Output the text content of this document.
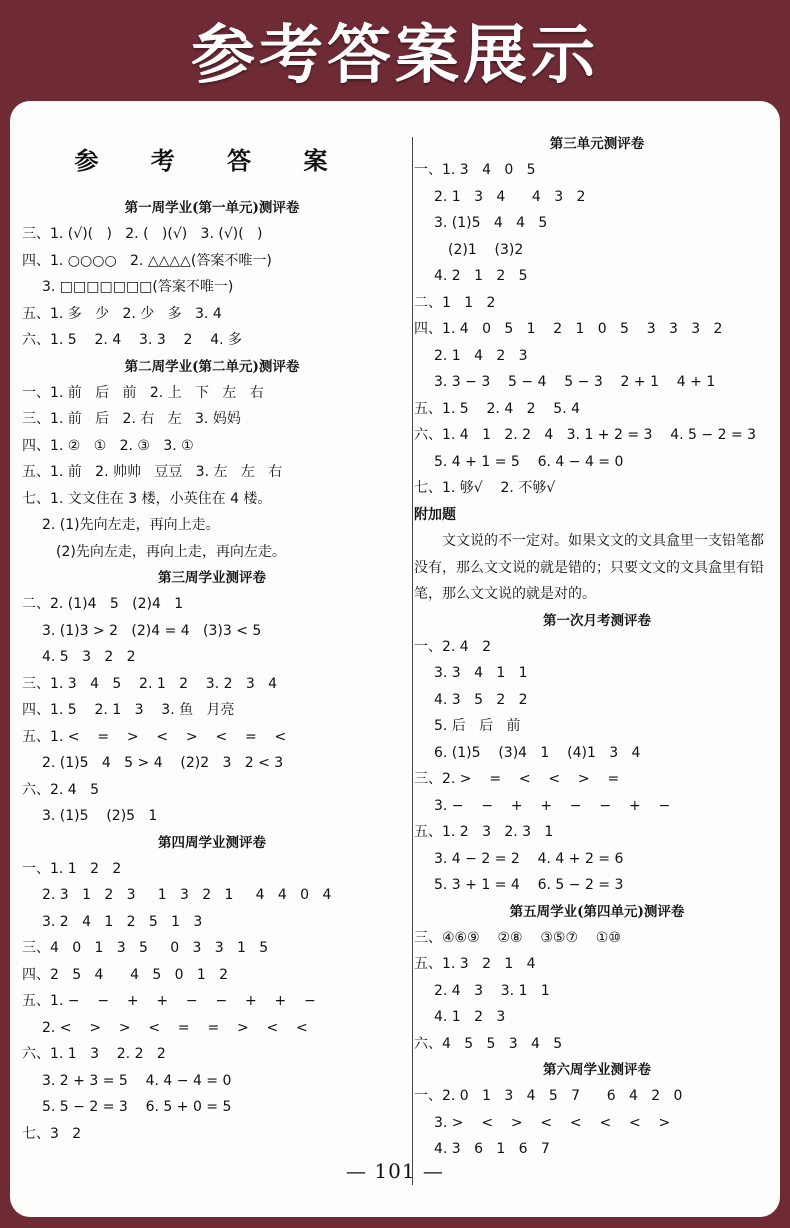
参考答案展示
参 考 答 案
第一周学业(第一单元)测评卷
三、1. (√)(   )   2. (   )(√)   3. (√)(   )
四、1. ○○○○   2. △△△△(答案不唯一)
3. □□□□□□□(答案不唯一)
五、1. 多   少   2. 少   多   3. 4
六、1. 5    2. 4    3. 3    2    4. 多
第二周学业(第二单元)测评卷
一、1. 前   后   前   2. 上   下   左   右
三、1. 前   后   2. 右   左   3. 妈妈
四、1. ②   ①   2. ③   3. ①
五、1. 前   2. 帅帅   豆豆   3. 左   左   右
七、1. 文文住在 3 楼，小英住在 4 楼。
2. (1)先向左走，再向上走。
(2)先向左走，再向上走，再向左走。
第三周学业测评卷
二、2. (1)4   5   (2)4   1
3. (1)3 > 2   (2)4 = 4   (3)3 < 5
4. 5   3   2   2
三、1. 3   4   5    2. 1   2    3. 2   3   4
四、1. 5    2. 1   3    3. 鱼   月亮
五、1. <    =    >    <    >    <    =    <
2. (1)5   4   5 > 4    (2)2   3   2 < 3
六、2. 4   5
3. (1)5    (2)5   1
第四周学业测评卷
一、1. 1   2   2
2. 3   1   2   3     1   3   2   1     4   4   0   4
3. 2   4   1   2   5   1   3
三、4   0   1   3   5     0   3   3   1   5
四、2   5   4      4   5   0   1   2
五、1. −    −    +    +    −    −    +    +    −
2. <    >    >    <    =    =    >    <    <
六、1. 1   3    2. 2   2
3. 2 + 3 = 5    4. 4 − 4 = 0
5. 5 − 2 = 3    6. 5 + 0 = 5
七、3   2
第三单元测评卷
一、1. 3   4   0   5
2. 1   3   4      4   3   2
3. (1)5   4   4   5
(2)1    (3)2
4. 2   1   2   5
二、1   1   2
四、1. 4   0   5   1    2   1   0   5    3   3   3   2
2. 1   4   2   3
3. 3 − 3    5 − 4    5 − 3    2 + 1    4 + 1
五、1. 5    2. 4   2    5. 4
六、1. 4   1   2. 2   4   3. 1 + 2 = 3    4. 5 − 2 = 3
5. 4 + 1 = 5    6. 4 − 4 = 0
七、1. 够√    2. 不够√
附加题
文文说的不一定对。如果文文的文具盒里一支铅笔都没有，那么文文说的就是错的；只要文文的文具盒里有铅笔，那么文文说的就是对的。
第一次月考测评卷
一、2. 4   2
3. 3   4   1   1
4. 3   5   2   2
5. 后   后   前
6. (1)5    (3)4   1    (4)1   3   4
三、2. >    =    <    <    >    =
3. −    −    +    +    −    −    +    −
五、1. 2   3   2. 3   1
3. 4 − 2 = 2    4. 4 + 2 = 6
5. 3 + 1 = 4    6. 5 − 2 = 3
第五周学业(第四单元)测评卷
三、④⑥⑨    ②⑧    ③⑤⑦    ①⑩
五、1. 3   2   1   4
2. 4   3    3. 1   1
4. 1   2   3
六、4   5   5   3   4   5
第六周学业测评卷
一、2. 0   1   3   4   5   7      6   4   2   0
3. >    <    >    <    <    <    <    >
4. 3   6   1   6   7
— 101 —
